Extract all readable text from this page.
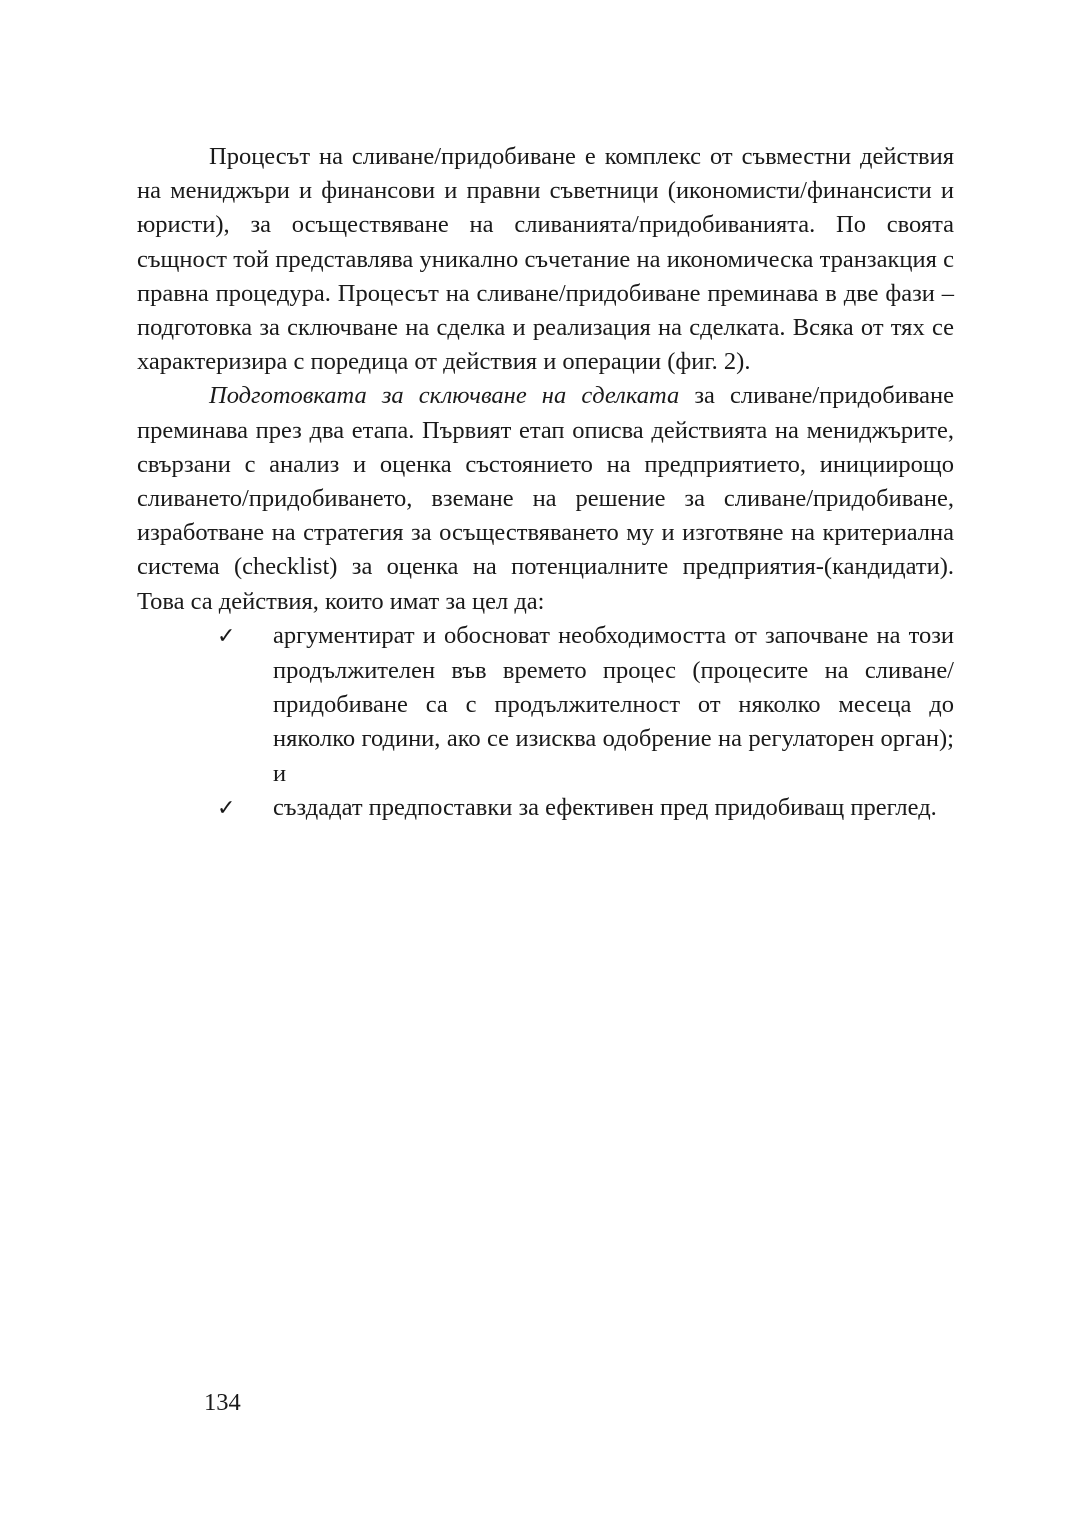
Процесът на сливане/придобиване е комплекс от съвместни действия на мениджъри и финансови и правни съветници (икономисти/финансисти и юристи), за осъществяване на сливанията/придобиванията. По своята същност той представлява уникално съчетание на икономическа транзакция с правна процедура. Процесът на сливане/придобиване преминава в две фази – подготовка за сключване на сделка и реализация на сделката. Всяка от тях се характеризира с поредица от действия и операции (фиг. 2).

Подготовката за сключване на сделката за сливане/придобиване преминава през два етапа. Първият етап описва действията на мениджърите, свързани с анализ и оценка състоянието на предприятието, инициирощо сливането/придобиването, вземане на решение за сливане/придобиване, изработване на стратегия за осъществяването му и изготвяне на критериална система (checklist) за оценка на потенциалните предприятия-(кандидати). Това са действия, които имат за цел да:

✓ аргументират и обосноват необходимостта от започване на този продължителен във времето процес (процесите на сливане/придобиване са с продължителност от няколко месеца до няколко години, ако се изисква одобрение на регулаторен орган); и
✓ създадат предпоставки за ефективен пред придобиващ преглед.
134
